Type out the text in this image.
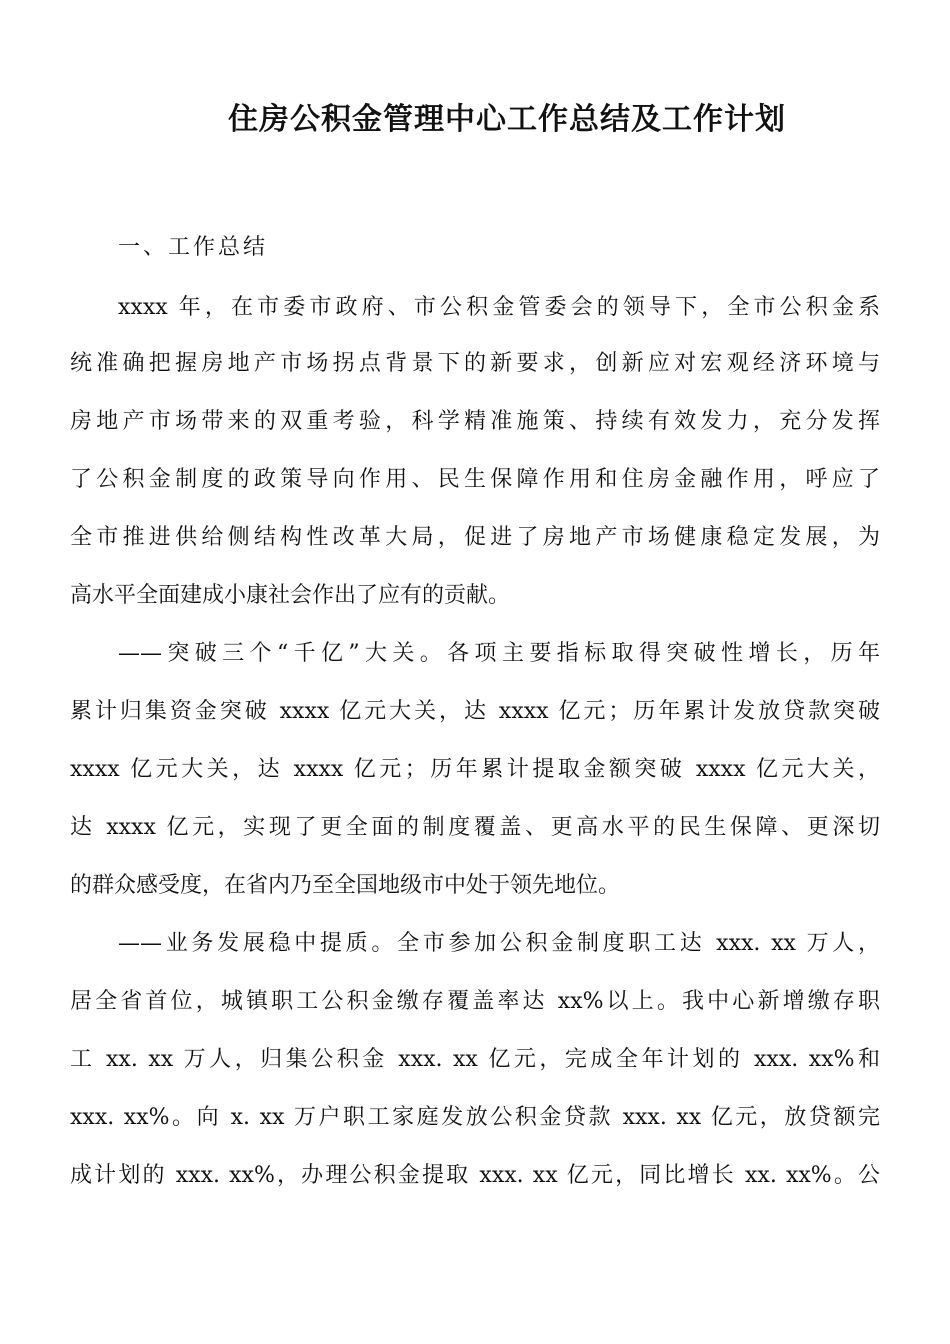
住房公积金管理中心工作总结及工作计划

一、工作总结

xxxx 年，在市委市政府、市公积金管委会的领导下，全市公积金系

统准确把握房地产市场拐点背景下的新要求，创新应对宏观经济环境与

房地产市场带来的双重考验，科学精准施策、持续有效发力，充分发挥

了公积金制度的政策导向作用、民生保障作用和住房金融作用，呼应了

全市推进供给侧结构性改革大局，促进了房地产市场健康稳定发展，为

高水平全面建成小康社会作出了应有的贡献。

——突破三个“千亿”大关。各项主要指标取得突破性增长，历年

累计归集资金突破 xxxx 亿元大关，达 xxxx 亿元；历年累计发放贷款突破

xxxx 亿元大关，达 xxxx 亿元；历年累计提取金额突破 xxxx 亿元大关，

达 xxxx 亿元，实现了更全面的制度覆盖、更高水平的民生保障、更深切

的群众感受度，在省内乃至全国地级市中处于领先地位。

——业务发展稳中提质。全市参加公积金制度职工达 xxx. xx 万人，

居全省首位，城镇职工公积金缴存覆盖率达 xx%以上。我中心新增缴存职

工 xx. xx 万人，归集公积金 xxx. xx 亿元，完成全年计划的 xxx. xx%和

xxx. xx%。向 x. xx 万户职工家庭发放公积金贷款 xxx. xx 亿元，放贷额完

成计划的 xxx. xx%，办理公积金提取 xxx. xx 亿元，同比增长 xx. xx%。公
